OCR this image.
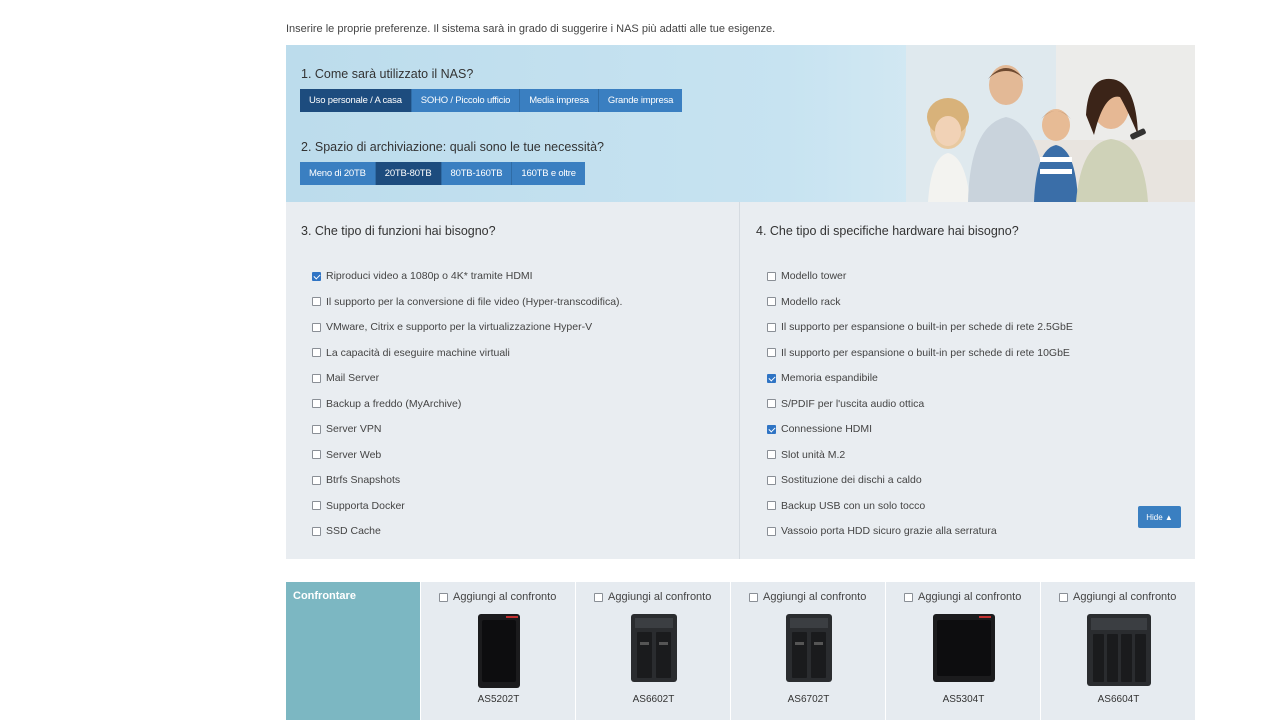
Inserire le proprie preferenze. Il sistema sarà in grado di suggerire i NAS più adatti alle tue esigenze.
1. Come sarà utilizzato il NAS?
Uso personale / A casa	SOHO / Piccolo ufficio	Media impresa	Grande impresa
2. Spazio di archiviazione: quali sono le tue necessità?
Meno di 20TB	20TB-80TB	80TB-160TB	160TB e oltre
3. Che tipo di funzioni hai bisogno?
Riproduci video a 1080p o 4K* tramite HDMI
Il supporto per la conversione di file video (Hyper-transcodifica).
VMware, Citrix e supporto per la virtualizzazione Hyper-V
La capacità di eseguire machine virtuali
Mail Server
Backup a freddo (MyArchive)
Server VPN
Server Web
Btrfs Snapshots
Supporta Docker
SSD Cache
4. Che tipo di specifiche hardware hai bisogno?
Modello tower
Modello rack
Il supporto per espansione o built-in per schede di rete 2.5GbE
Il supporto per espansione o built-in per schede di rete 10GbE
Memoria espandibile
S/PDIF per l'uscita audio ottica
Connessione HDMI
Slot unità M.2
Sostituzione dei dischi a caldo
Backup USB con un solo tocco
Vassoio porta HDD sicuro grazie alla serratura
Hide ▲
Confrontare	Aggiungi al confronto
AS5202T
Aggiungi al confronto
AS6602T
Aggiungi al confronto
AS6702T
Aggiungi al confronto
AS5304T
Aggiungi al confronto
AS6604T
